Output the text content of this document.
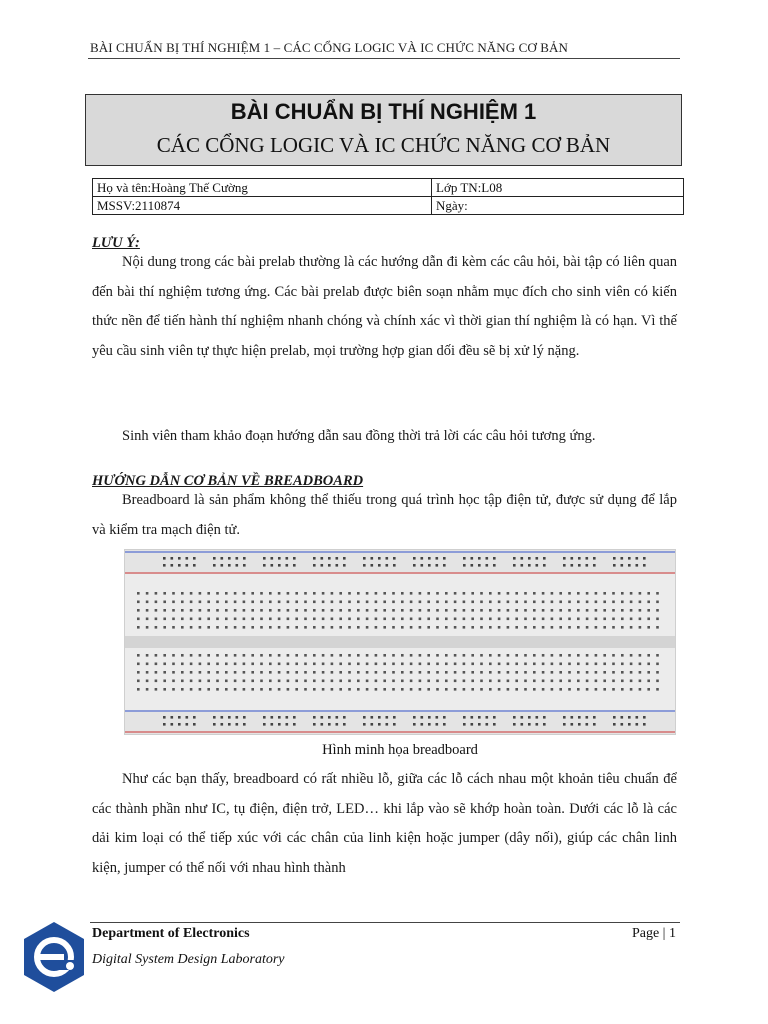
BÀI CHUẨN BỊ THÍ NGHIỆM 1 – CÁC CỔNG LOGIC VÀ IC CHỨC NĂNG CƠ BẢN
BÀI CHUẨN BỊ THÍ NGHIỆM 1
CÁC CỔNG LOGIC VÀ IC CHỨC NĂNG CƠ BẢN
Họ và tên:Hoàng Thế Cường	Lớp TN:L08
MSSV:2110874	Ngày:
LƯU Ý:
Nội dung trong các bài prelab thường là các hướng dẫn đi kèm các câu hỏi, bài tập có liên quan đến bài thí nghiệm tương ứng. Các bài prelab được biên soạn nhằm mục đích cho sinh viên có kiến thức nền để tiến hành thí nghiệm nhanh chóng và chính xác vì thời gian thí nghiệm là có hạn. Vì thế yêu cầu sinh viên tự thực hiện prelab, mọi trường hợp gian dối đều sẽ bị xử lý nặng.
Sinh viên tham khảo đoạn hướng dẫn sau đồng thời trả lời các câu hỏi tương ứng.
HƯỚNG DẪN CƠ BẢN VỀ BREADBOARD
Breadboard là sản phẩm không thể thiếu trong quá trình học tập điện tử, được sử dụng để lắp và kiểm tra mạch điện tử.
Hình minh họa breadboard
Như các bạn thấy, breadboard có rất nhiều lỗ, giữa các lỗ cách nhau một khoản tiêu chuẩn để các thành phần như IC, tụ điện, điện trở, LED… khi lắp vào sẽ khớp hoàn toàn. Dưới các lỗ là các dải kim loại có thể tiếp xúc với các chân của linh kiện hoặc jumper (dây nối), giúp các chân linh kiện, jumper có thể nối với nhau hình thành
Department of Electronics
Digital System Design Laboratory
Page | 1
